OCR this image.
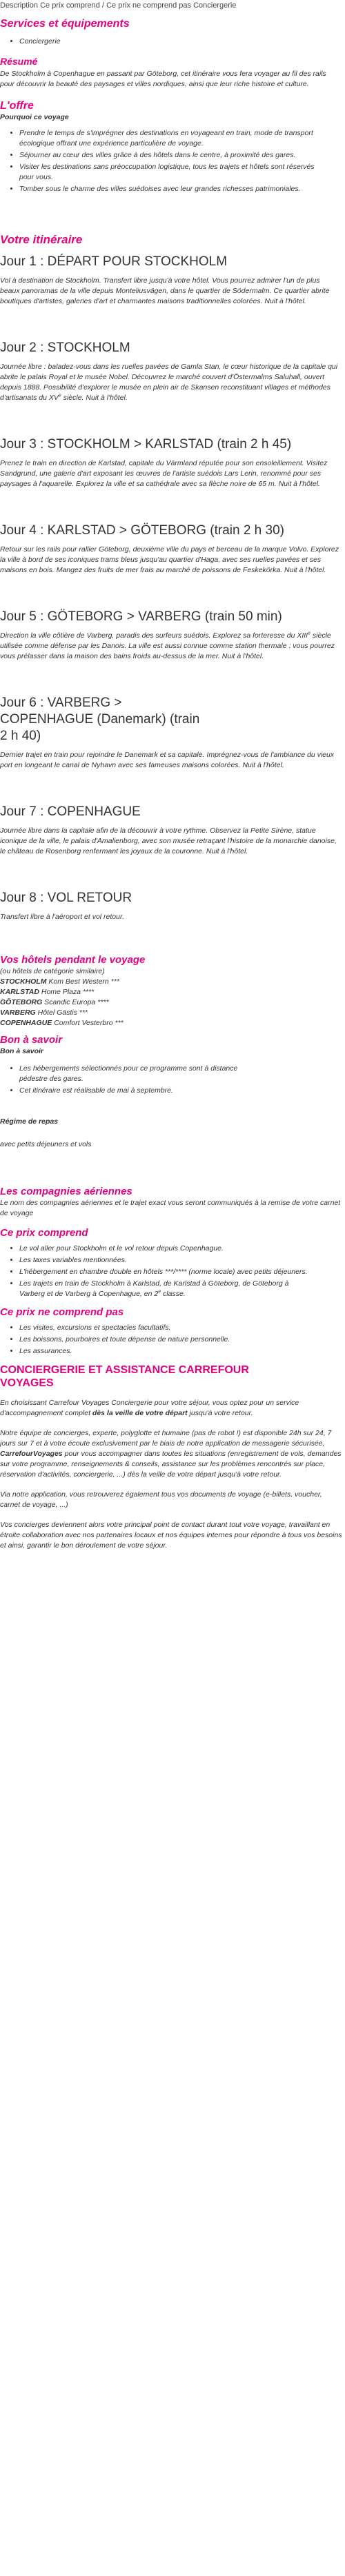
Description Ce prix comprend / Ce prix ne comprend pas Conciergerie
Services et équipements
• Conciergerie
Résumé

De Stockholm à Copenhague en passant par Göteborg, cet itinéraire vous fera voyager au fil des rails pour découvrir la beauté des paysages et villes nordiques, ainsi que leur riche histoire et culture.

L'offre

Pourquoi ce voyage

• Prendre le temps de s'imprégner des destinations en voyageant en train, mode de transport écologique offrant une expérience particulière de voyage.
• Séjourner au cœur des villes grâce à des hôtels dans le centre, à proximité des gares.
• Visiter les destinations sans préoccupation logistique, tous les trajets et hôtels sont réservés pour vous.
• Tomber sous le charme des villes suédoises avec leur grandes richesses patrimoniales.
Votre itinéraire
Jour 1 : DÉPART POUR STOCKHOLM

Vol à destination de Stockholm. Transfert libre jusqu'à votre hôtel. Vous pourrez admirer l'un de plus beaux panoramas de la ville depuis Monteliusvägen, dans le quartier de Södermalm. Ce quartier abrite boutiques d'artistes, galeries d'art et charmantes maisons traditionnelles colorées. Nuit à l'hôtel.

Jour 2 : STOCKHOLM

Journée libre : baladez-vous dans les ruelles pavées de Gamla Stan, le cœur historique de la capitale qui abrite le palais Royal et le musée Nobel. Découvrez le marché couvert d'Östermalms Saluhall, ouvert depuis 1888. Possibilité d'explorer le musée en plein air de Skansen reconstituant villages et méthodes d'artisanats du XVe siècle. Nuit à l'hôtel.

Jour 3 : STOCKHOLM > KARLSTAD (train 2 h 45)

Prenez le train en direction de Karlstad, capitale du Värmland réputée pour son ensoleillement. Visitez Sandgrund, une galerie d'art exposant les œuvres de l'artiste suédois Lars Lerin, renommé pour ses paysages à l'aquarelle. Explorez la ville et sa cathédrale avec sa flèche noire de 65 m. Nuit à l'hôtel.

Jour 4 : KARLSTAD > GÖTEBORG (train 2 h 30)

Retour sur les rails pour rallier Göteborg, deuxième ville du pays et berceau de la marque Volvo. Explorez la ville à bord de ses iconiques trams bleus jusqu'au quartier d'Haga, avec ses ruelles pavées et ses maisons en bois. Mangez des fruits de mer frais au marché de poissons de Feskekörka. Nuit à l'hôtel.

Jour 5 : GÖTEBORG > VARBERG (train 50 min)

Direction la ville côtière de Varberg, paradis des surfeurs suédois. Explorez sa forteresse du XIIIe siècle utilisée comme défense par les Danois. La ville est aussi connue comme station thermale : vous pourrez vous prélasser dans la maison des bains froids au-dessus de la mer. Nuit à l'hôtel.

Jour 6 : VARBERG > COPENHAGUE (Danemark) (train 2 h 40)

Dernier trajet en train pour rejoindre le Danemark et sa capitale. Imprégnez-vous de l'ambiance du vieux port en longeant le canal de Nyhavn avec ses fameuses maisons colorées. Nuit à l'hôtel.

Jour 7 : COPENHAGUE

Journée libre dans la capitale afin de la découvrir à votre rythme. Observez la Petite Sirène, statue iconique de la ville, le palais d'Amalienborg, avec son musée retraçant l'histoire de la monarchie danoise, le château de Rosenborg renfermant les joyaux de la couronne. Nuit à l'hôtel.

Jour 8 : VOL RETOUR

Transfert libre à l'aéroport et vol retour.

Vos hôtels pendant le voyage

(ou hôtels de catégorie similaire)

STOCKHOLM Kom Best Western ***
KARLSTAD Home Plaza ****
GÖTEBORG Scandic Europa ****
VARBERG Hôtel Gästis ***
COPENHAGUE Comfort Vesterbro ***
Bon à savoir

Bon à savoir

• Les hébergements sélectionnés pour ce programme sont à distance pédestre des gares.
• Cet itinéraire est réalisable de mai à septembre.

Régime de repas

avec petits déjeuners et vols

Les compagnies aériennes

Le nom des compagnies aériennes et le trajet exact vous seront communiqués à la remise de votre carnet de voyage

Ce prix comprend
• Le vol aller pour Stockholm et le vol retour depuis Copenhague.
• Les taxes variables mentionnées.
• L'hébergement en chambre double en hôtels ***/**** (norme locale) avec petits déjeuners.
• Les trajets en train de Stockholm à Karlstad, de Karlstad à Göteborg, de Göteborg à Varberg et de Varberg à Copenhague, en 2e classe.
Ce prix ne comprend pas
• Les visites, excursions et spectacles facultatifs.
• Les boissons, pourboires et toute dépense de nature personnelle.
• Les assurances.
CONCIERGERIE ET ASSISTANCE CARREFOUR VOYAGES

En choisissant Carrefour Voyages Conciergerie pour votre séjour, vous optez pour un service d'accompagnement complet dès la veille de votre départ jusqu'à votre retour.

Notre équipe de concierges, experte, polyglotte et humaine (pas de robot !) est disponible 24h sur 24, 7 jours sur 7 et à votre écoute exclusivement par le biais de notre application de messagerie sécurisée, CarrefourVoyages pour vous accompagner dans toutes les situations (enregistrement de vols, demandes sur votre programme, renseignements & conseils, assistance sur les problèmes rencontrés sur place, réservation d'activités, conciergerie, ...) dès la veille de votre départ jusqu'à votre retour.

Via notre application, vous retrouverez également tous vos documents de voyage (e-billets, voucher, carnet de voyage, ...)

Vos concierges deviennent alors votre principal point de contact durant tout votre voyage, travaillant en étroite collaboration avec nos partenaires locaux et nos équipes internes pour répondre à tous vos besoins et ainsi, garantir le bon déroulement de votre séjour.
